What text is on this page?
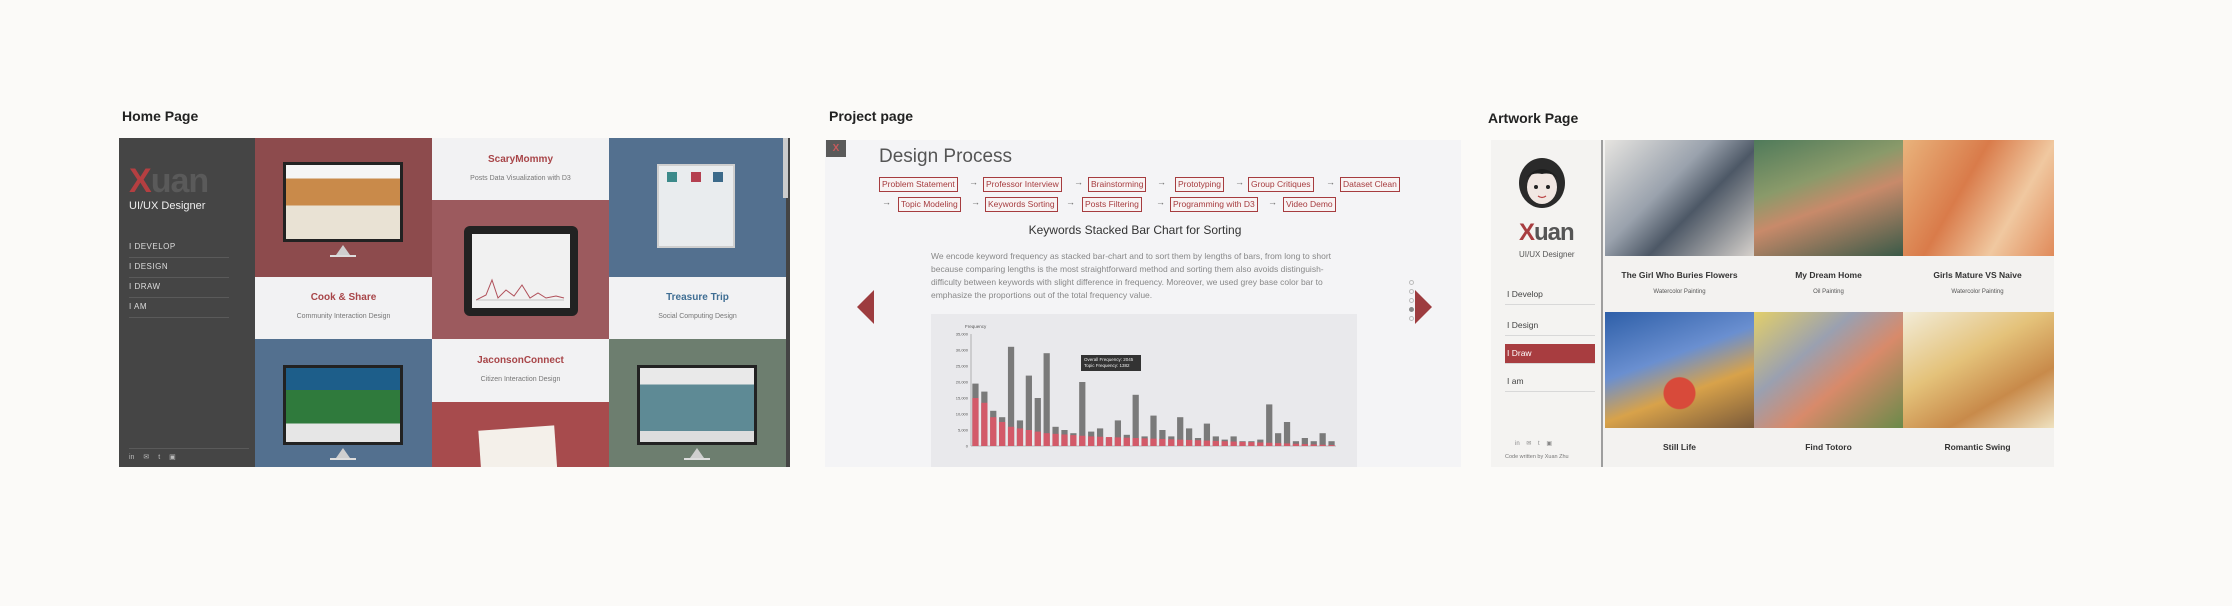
Home Page	Project page	Artwork Page
Xuan
UI/UX Designer
I DEVELOP
I DESIGN
I DRAW
I AM
in ✉ t ▣
Cook & Share
Community Interaction Design
ScaryMommy
Posts Data Visualization with D3
JaconsonConnect
Citizen Interaction Design
Treasure Trip
Social Computing Design
X	Design Process
Problem Statement	→ Professor Interview	→ Brainstorming	→	Prototyping	→ Group Critiques	→ Dataset Clean
→	Topic Modeling	→ Keywords Sorting	→	Posts Filtering	→ Programming with D3	→	Video Demo
Keywords Stacked Bar Chart for Sorting
We encode keyword frequency as stacked bar-chart and to sort them by lengths of bars, from long to short because comparing lengths is the most straightforward method and sorting them also avoids distinguish-difficulty between keywords with slight difference in frequency. Moreover, we used grey base color bar to emphasize the proportions out of the total frequency value.
Frequency
35,000
30,000
25,000
20,000
15,000
10,000
5,000
0
Overall Frequency: 2045 Topic Frequency: 1382
Xuan
UI/UX Designer
I Develop
I Design
I Draw
I am
in ✉ t ▣
Code written by Xuan Zhu
The Girl Who Buries Flowers
Watercolor Painting
My Dream Home
Oil Painting
Girls Mature VS Naive
Watercolor Painting
Still Life	Find Totoro	Romantic Swing
